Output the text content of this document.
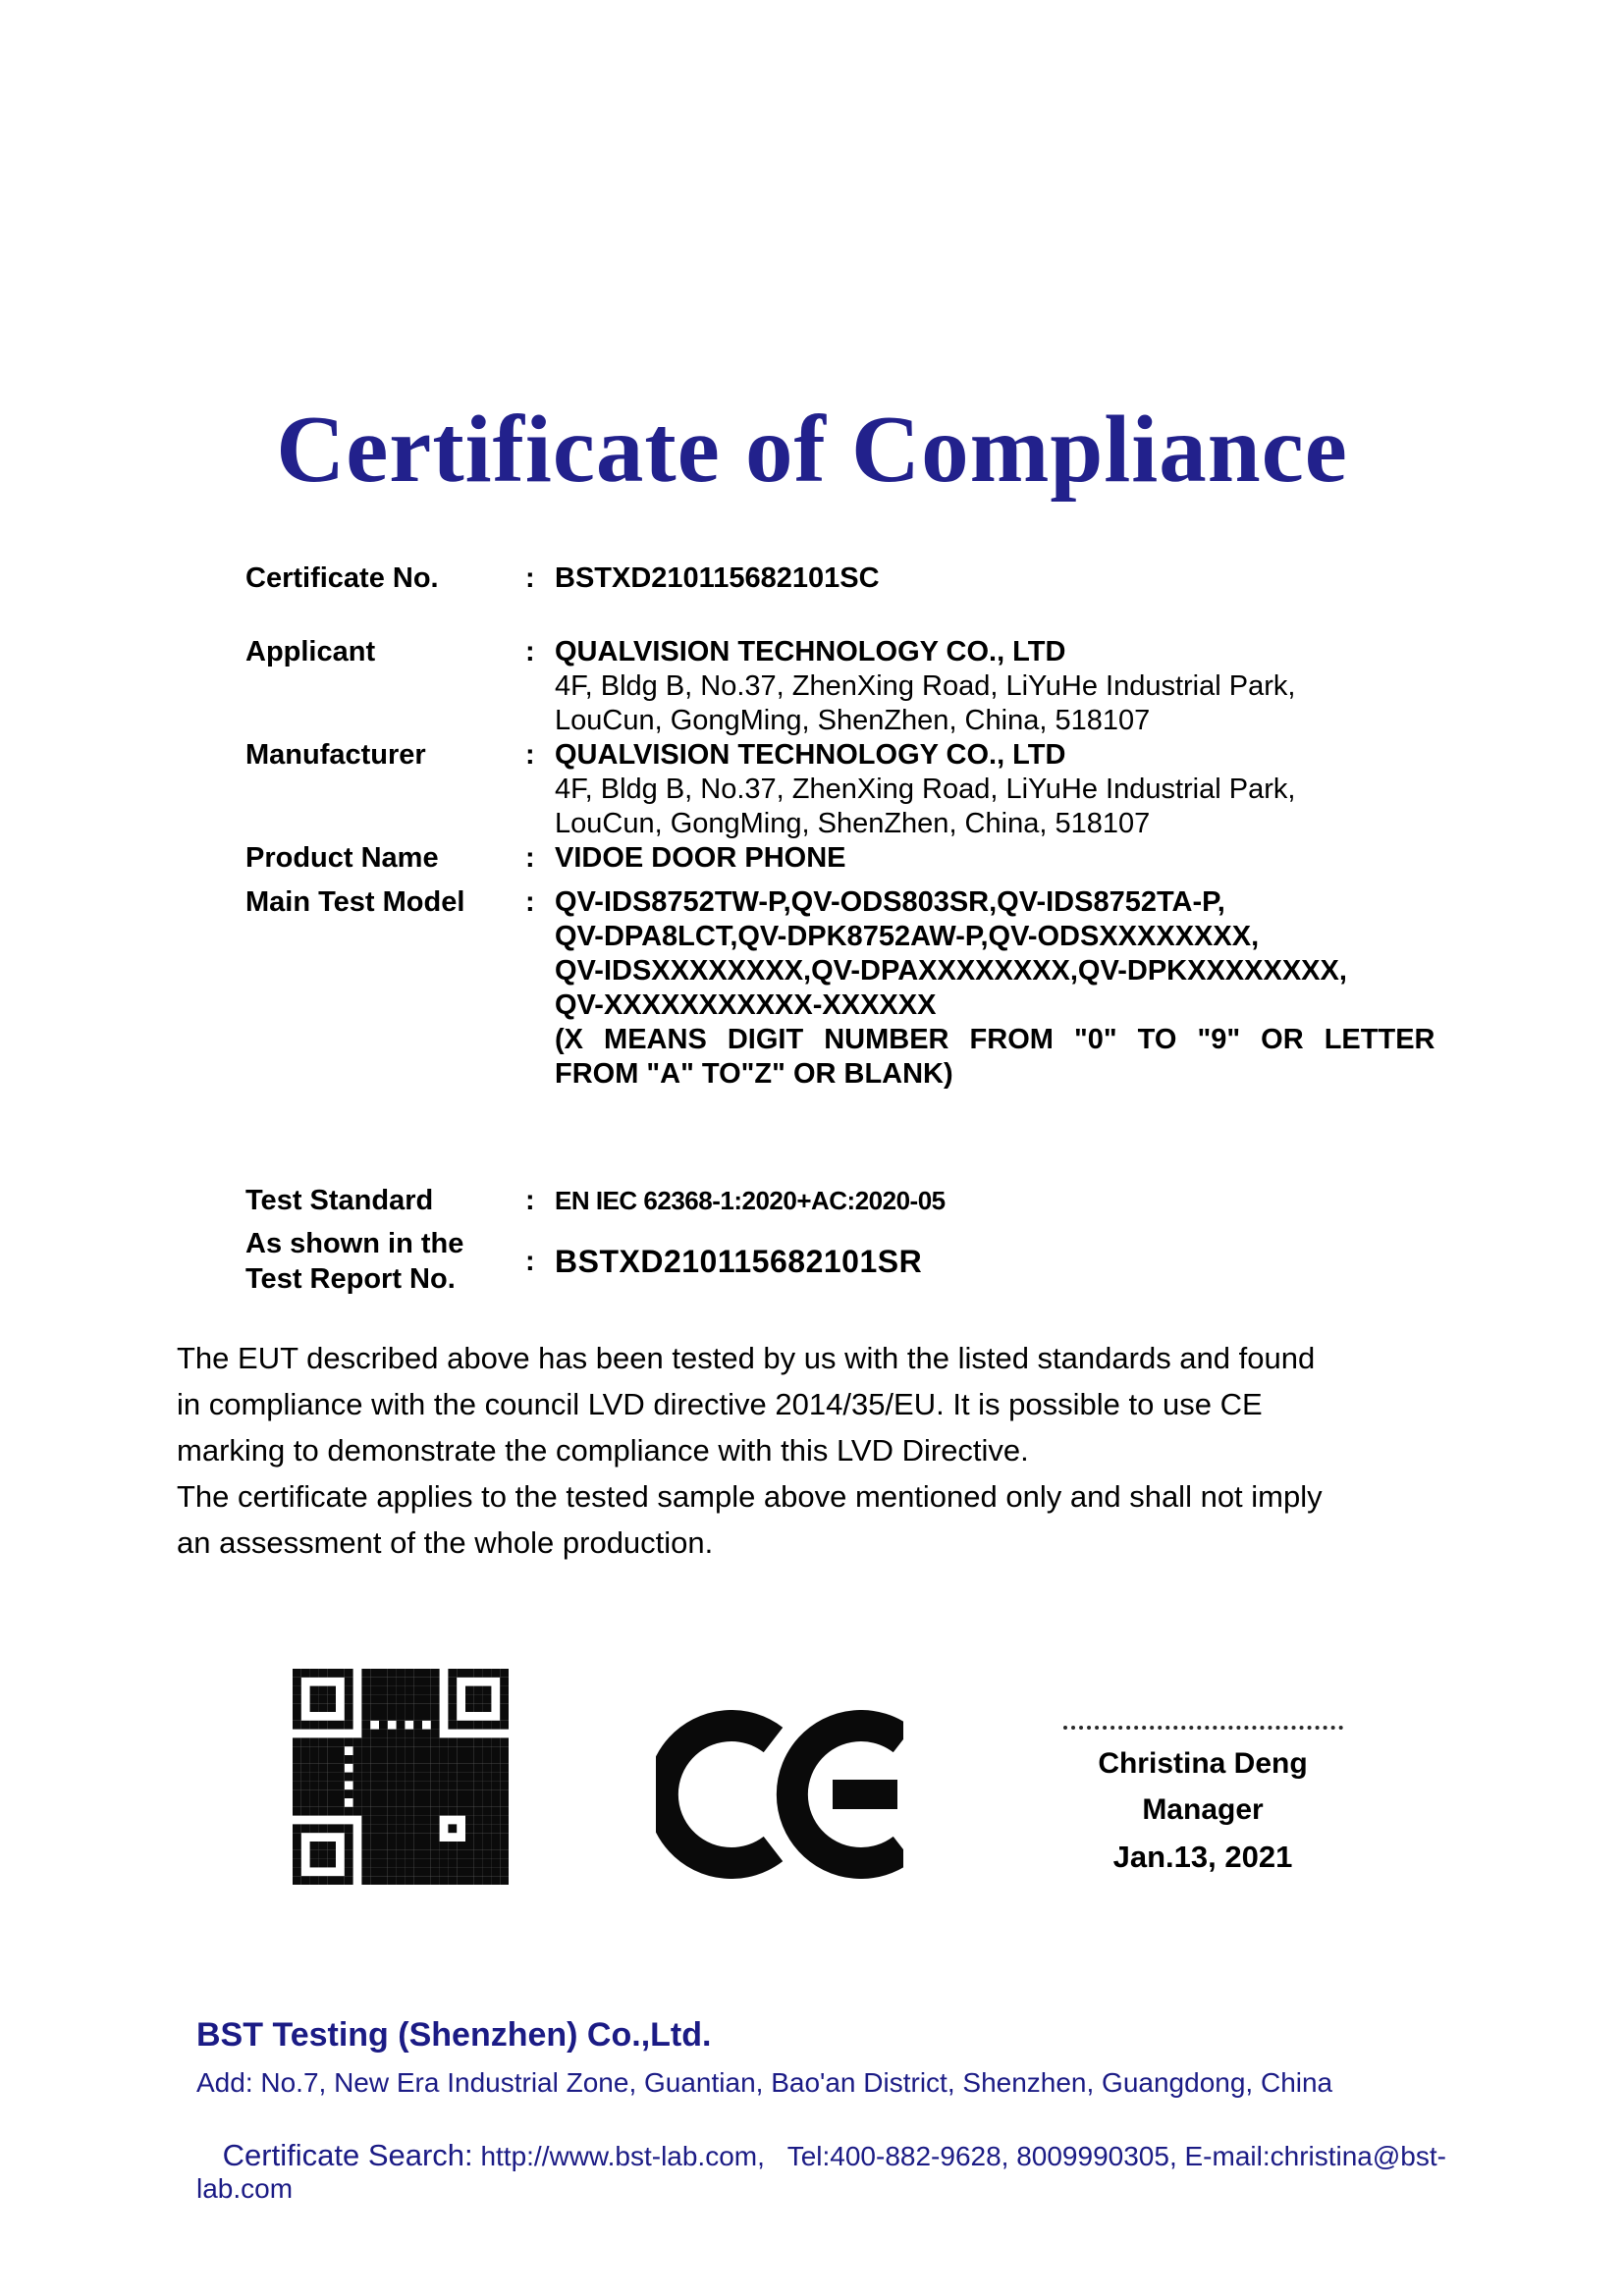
Certificate of Compliance
Certificate No.	: BSTXD210115682101SC
Applicant	: QUALVISION TECHNOLOGY CO., LTD
4F, Bldg B, No.37, ZhenXing Road, LiYuHe Industrial Park,
LouCun, GongMing, ShenZhen, China, 518107
Manufacturer	: QUALVISION TECHNOLOGY CO., LTD
4F, Bldg B, No.37, ZhenXing Road, LiYuHe Industrial Park,
LouCun, GongMing, ShenZhen, China, 518107
Product Name	: VIDOE DOOR PHONE
Main Test Model	: QV-IDS8752TW-P,QV-ODS803SR,QV-IDS8752TA-P,
QV-DPA8LCT,QV-DPK8752AW-P,QV-ODSXXXXXXXX,
QV-IDSXXXXXXXX,QV-DPAXXXXXXXX,QV-DPKXXXXXXXX,
QV-XXXXXXXXXXX-XXXXXX
(X MEANS DIGIT NUMBER FROM "0" TO "9" OR LETTER
FROM "A" TO"Z" OR BLANK)
Test Standard	: EN IEC 62368-1:2020+AC:2020-05
As shown in the
Test Report No.
: BSTXD210115682101SR
The EUT described above has been tested by us with the listed standards and found
in compliance with the council LVD directive 2014/35/EU. It is possible to use CE
marking to demonstrate the compliance with this LVD Directive.
The certificate applies to the tested sample above mentioned only and shall not imply
an assessment of the whole production.
Christina Deng
Manager
Jan.13, 2021
BST Testing (Shenzhen) Co.,Ltd.
Add: No.7, New Era Industrial Zone, Guantian, Bao'an District, Shenzhen, Guangdong, China

Certificate Search: http://www.bst-lab.com,   Tel:400-882-9628, 8009990305, E-mail:christina@bst-lab.com
